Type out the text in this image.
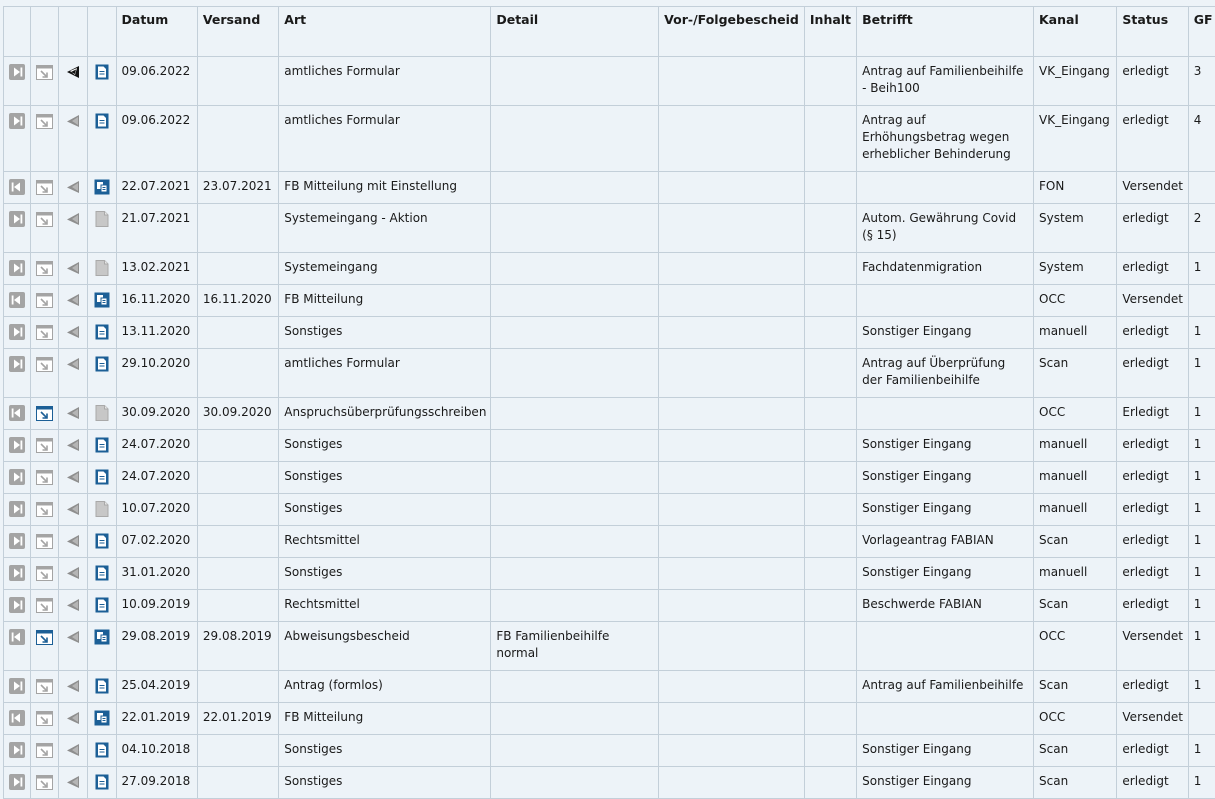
				Datum	Versand	Art	Detail	Vor-/Folgebescheid	Inhalt	Betrifft	Kanal	Status	GF

	09.06.2022		amtliches Formular				Antrag auf Familienbeihilfe - Beih100	VK_Eingang	erledigt	3

	09.06.2022		amtliches Formular				Antrag auf Erhöhungsbetrag wegen erheblicher Behinderung	VK_Eingang	erledigt	4

	22.07.2021	23.07.2021	FB Mitteilung mit Einstellung					FON	Versendet	

	21.07.2021		Systemeingang - Aktion				Autom. Gewährung Covid (§ 15)	System	erledigt	2

	13.02.2021		Systemeingang				Fachdatenmigration	System	erledigt	1

	16.11.2020	16.11.2020	FB Mitteilung					OCC	Versendet	

	13.11.2020		Sonstiges				Sonstiger Eingang	manuell	erledigt	1

	29.10.2020		amtliches Formular				Antrag auf Überprüfung der Familienbeihilfe	Scan	erledigt	1

	30.09.2020	30.09.2020	Anspruchsüberprüfungsschreiben					OCC	Erledigt	1

	24.07.2020		Sonstiges				Sonstiger Eingang	manuell	erledigt	1

	24.07.2020		Sonstiges				Sonstiger Eingang	manuell	erledigt	1

	10.07.2020		Sonstiges				Sonstiger Eingang	manuell	erledigt	1

	07.02.2020		Rechtsmittel				Vorlageantrag FABIAN	Scan	erledigt	1

	31.01.2020		Sonstiges				Sonstiger Eingang	manuell	erledigt	1

	10.09.2019		Rechtsmittel				Beschwerde FABIAN	Scan	erledigt	1

	29.08.2019	29.08.2019	Abweisungsbescheid	FB Familienbeihilfe normal				OCC	Versendet	1

	25.04.2019		Antrag (formlos)				Antrag auf Familienbeihilfe	Scan	erledigt	1

	22.01.2019	22.01.2019	FB Mitteilung					OCC	Versendet	

	04.10.2018		Sonstiges				Sonstiger Eingang	Scan	erledigt	1

	27.09.2018		Sonstiges				Sonstiger Eingang	Scan	erledigt	1
